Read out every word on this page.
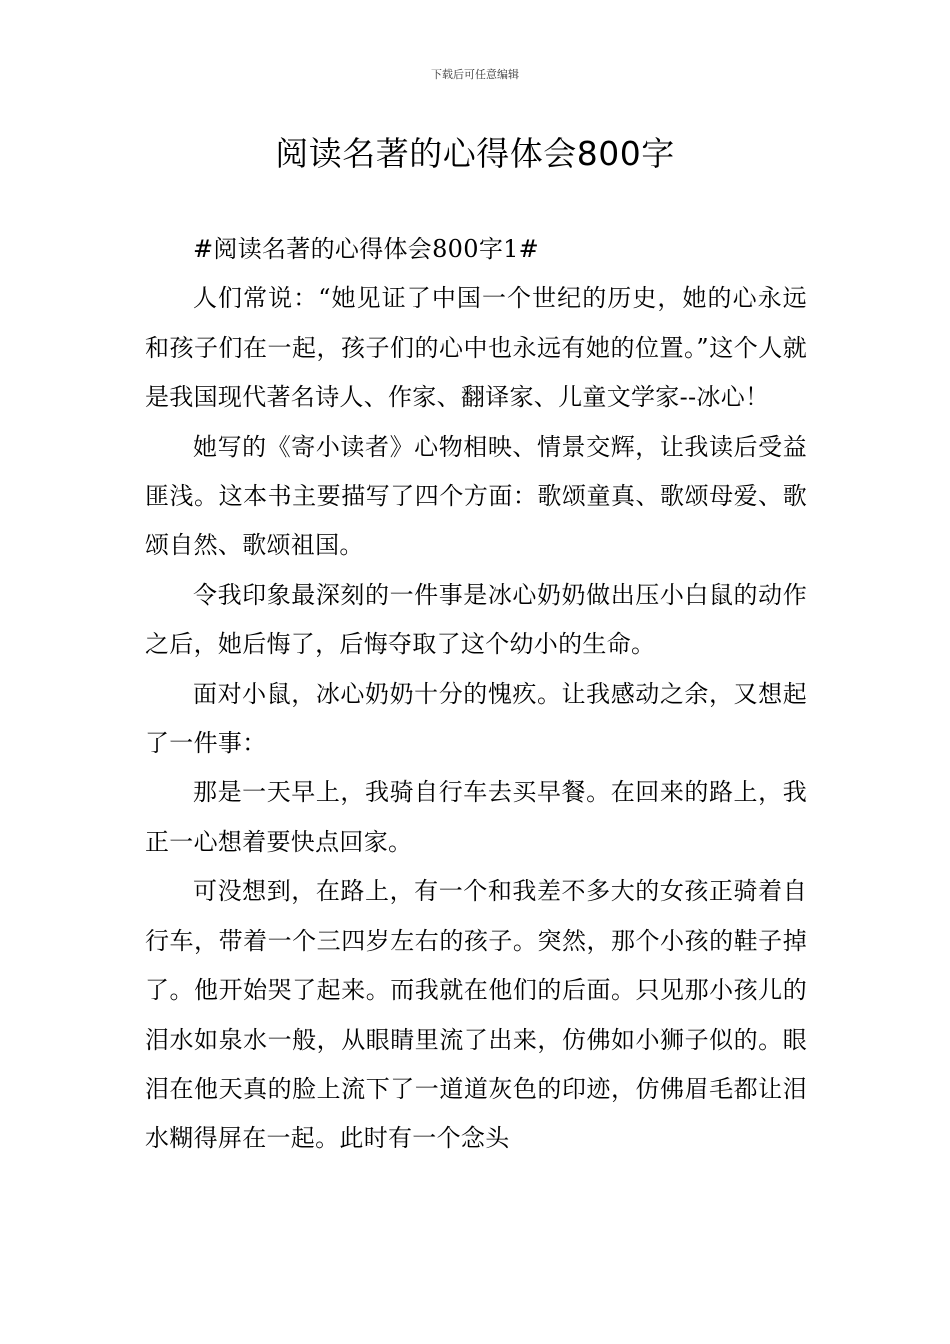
下载后可任意编辑
阅读名著的心得体会800字

#阅读名著的心得体会800字1#

人们常说：“她见证了中国一个世纪的历史，她的心永远和孩子们在一起，孩子们的心中也永远有她的位置。”这个人就是我国现代著名诗人、作家、翻译家、儿童文学家--冰心！

她写的《寄小读者》心物相映、情景交辉，让我读后受益匪浅。这本书主要描写了四个方面：歌颂童真、歌颂母爱、歌颂自然、歌颂祖国。

令我印象最深刻的一件事是冰心奶奶做出压小白鼠的动作之后，她后悔了，后悔夺取了这个幼小的生命。

面对小鼠，冰心奶奶十分的愧疚。让我感动之余，又想起了一件事：

那是一天早上，我骑自行车去买早餐。在回来的路上，我正一心想着要快点回家。

可没想到，在路上，有一个和我差不多大的女孩正骑着自行车，带着一个三四岁左右的孩子。突然，那个小孩的鞋子掉了。他开始哭了起来。而我就在他们的后面。只见那小孩儿的泪水如泉水一般，从眼睛里流了出来，仿佛如小狮子似的。眼泪在他天真的脸上流下了一道道灰色的印迹，仿佛眉毛都让泪水糊得屏在一起。此时有一个念头
